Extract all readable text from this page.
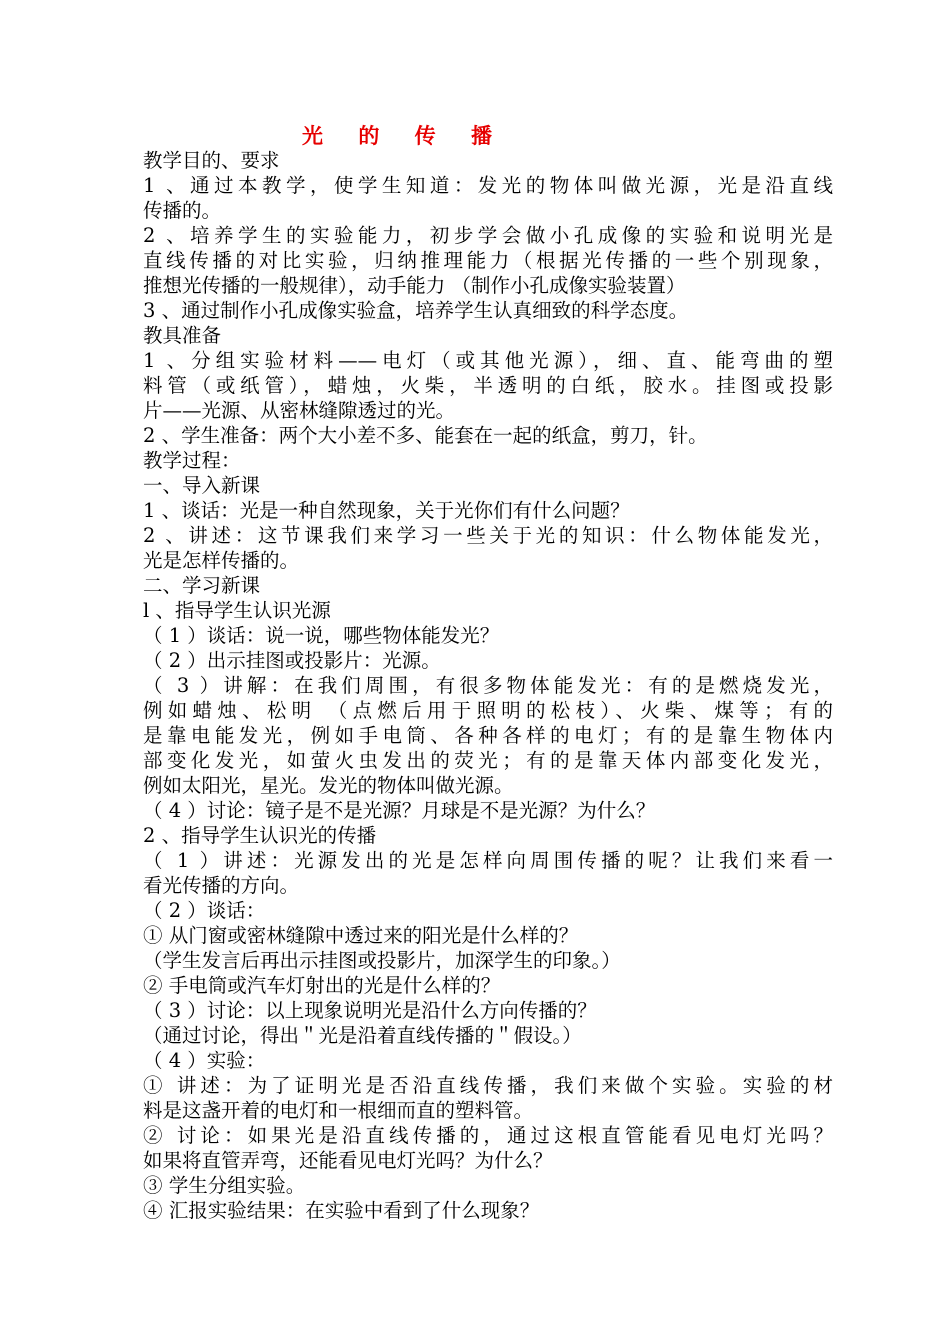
光 的 传 播
教学目的、要求
1 、通过本教学，使学生知道：发光的物体叫做光源，光是沿直线
传播的。
2 、培养学生的实验能力，初步学会做小孔成像的实验和说明光是
直线传播的对比实验，归纳推理能力（根据光传播的一些个别现象，
推想光传播的一般规律），动手能力 （制作小孔成像实验装置）
3 、通过制作小孔成像实验盒，培养学生认真细致的科学态度。
教具准备
1 、分组实验材料——电灯（或其他光源），细、直、能弯曲的塑
料管（或纸管），蜡烛，火柴，半透明的白纸，胶水。挂图或投影
片——光源、从密林缝隙透过的光。
2 、学生准备：两个大小差不多、能套在一起的纸盒，剪刀，针。
教学过程：
一、导入新课
1 、谈话：光是一种自然现象，关于光你们有什么问题？
2 、讲述：这节课我们来学习一些关于光的知识：什么物体能发光，
光是怎样传播的。
二、学习新课
l 、指导学生认识光源
（ 1 ）谈话：说一说，哪些物体能发光？
（ 2 ）出示挂图或投影片：光源。
（ 3 ）讲解：在我们周围，有很多物体能发光：有的是燃烧发光，
例如蜡烛、松明 （点燃后用于照明的松枝）、火柴、煤等；有的
是靠电能发光，例如手电筒、各种各样的电灯；有的是靠生物体内
部变化发光，如萤火虫发出的荧光；有的是靠天体内部变化发光，
例如太阳光，星光。发光的物体叫做光源。
（ 4 ）讨论：镜子是不是光源？月球是不是光源？为什么？
2 、指导学生认识光的传播
（ 1 ）讲述：光源发出的光是怎样向周围传播的呢？让我们来看一
看光传播的方向。
（ 2 ）谈话：
① 从门窗或密林缝隙中透过来的阳光是什么样的？
（学生发言后再出示挂图或投影片，加深学生的印象。）
② 手电筒或汽车灯射出的光是什么样的？
（ 3 ）讨论：以上现象说明光是沿什么方向传播的？
（通过讨论，得出＂光是沿着直线传播的＂假设。）
（ 4 ）实验：
① 讲述：为了证明光是否沿直线传播，我们来做个实验。实验的材
料是这盏开着的电灯和一根细而直的塑料管。
② 讨论：如果光是沿直线传播的，通过这根直管能看见电灯光吗？
如果将直管弄弯，还能看见电灯光吗？为什么？
③ 学生分组实验。
④ 汇报实验结果：在实验中看到了什么现象？
